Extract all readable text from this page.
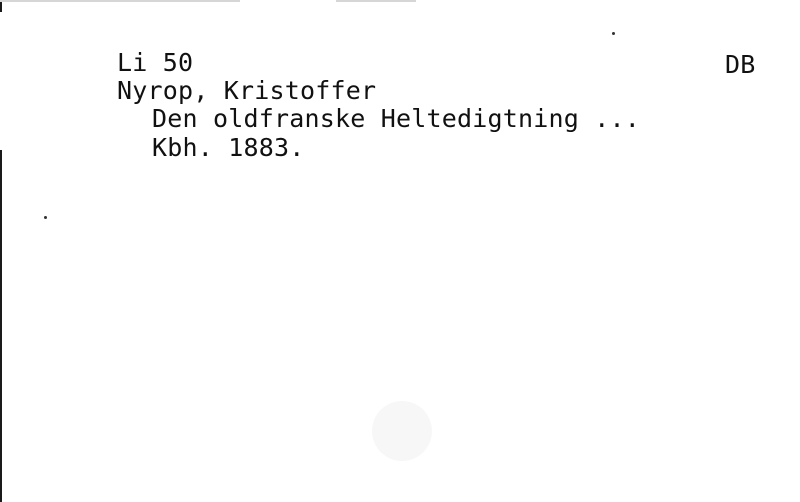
Li 50	DB
Nyrop, Kristoffer
Den oldfranske Heltedigtning ...
Kbh. 1883.
